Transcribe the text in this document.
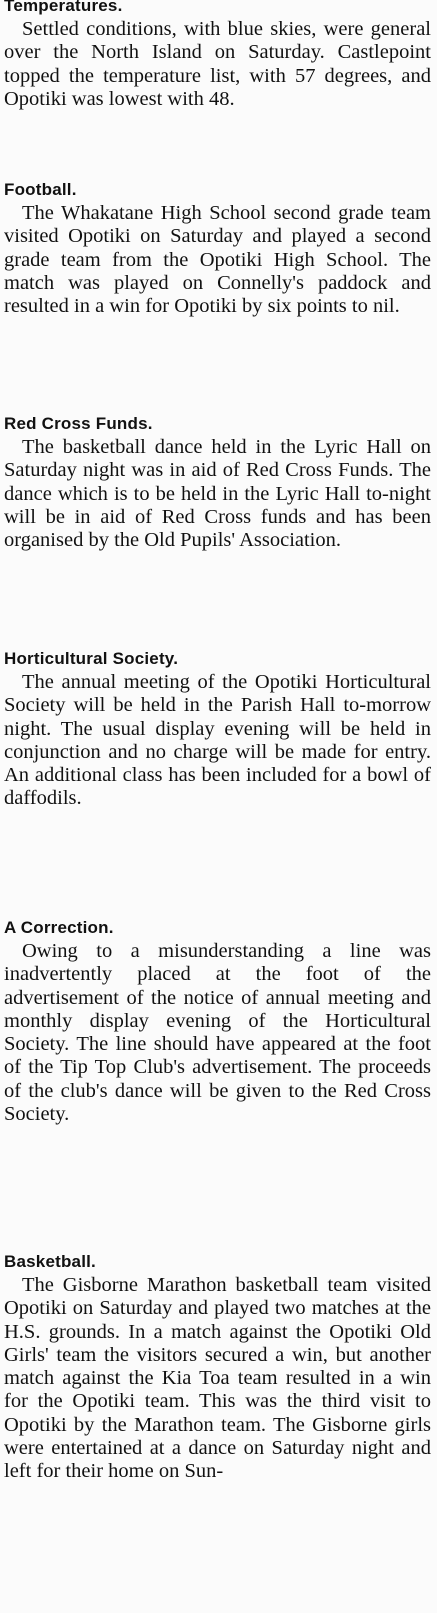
Temperatures.

Settled conditions, with blue skies, were general over the North Island on Saturday. Castlepoint topped the temperature list, with 57 degrees, and Opotiki was lowest with 48.

Football.

The Whakatane High School second grade team visited Opotiki on Saturday and played a second grade team from the Opotiki High School. The match was played on Connelly's paddock and resulted in a win for Opotiki by six points to nil.

Red Cross Funds.

The basketball dance held in the Lyric Hall on Saturday night was in aid of Red Cross Funds. The dance which is to be held in the Lyric Hall to-night will be in aid of Red Cross funds and has been organised by the Old Pupils' Association.

Horticultural Society.

The annual meeting of the Opotiki Horticultural Society will be held in the Parish Hall to-morrow night. The usual display evening will be held in conjunction and no charge will be made for entry. An additional class has been included for a bowl of daffodils.

A Correction.

Owing to a misunderstanding a line was inadvertently placed at the foot of the advertisement of the notice of annual meeting and monthly display evening of the Horticultural Society. The line should have appeared at the foot of the Tip Top Club's advertisement. The proceeds of the club's dance will be given to the Red Cross Society.

Basketball.

The Gisborne Marathon basketball team visited Opotiki on Saturday and played two matches at the H.S. grounds. In a match against the Opotiki Old Girls' team the visitors secured a win, but another match against the Kia Toa team resulted in a win for the Opotiki team. This was the third visit to Opotiki by the Marathon team. The Gisborne girls were entertained at a dance on Saturday night and left for their home on Sun-
